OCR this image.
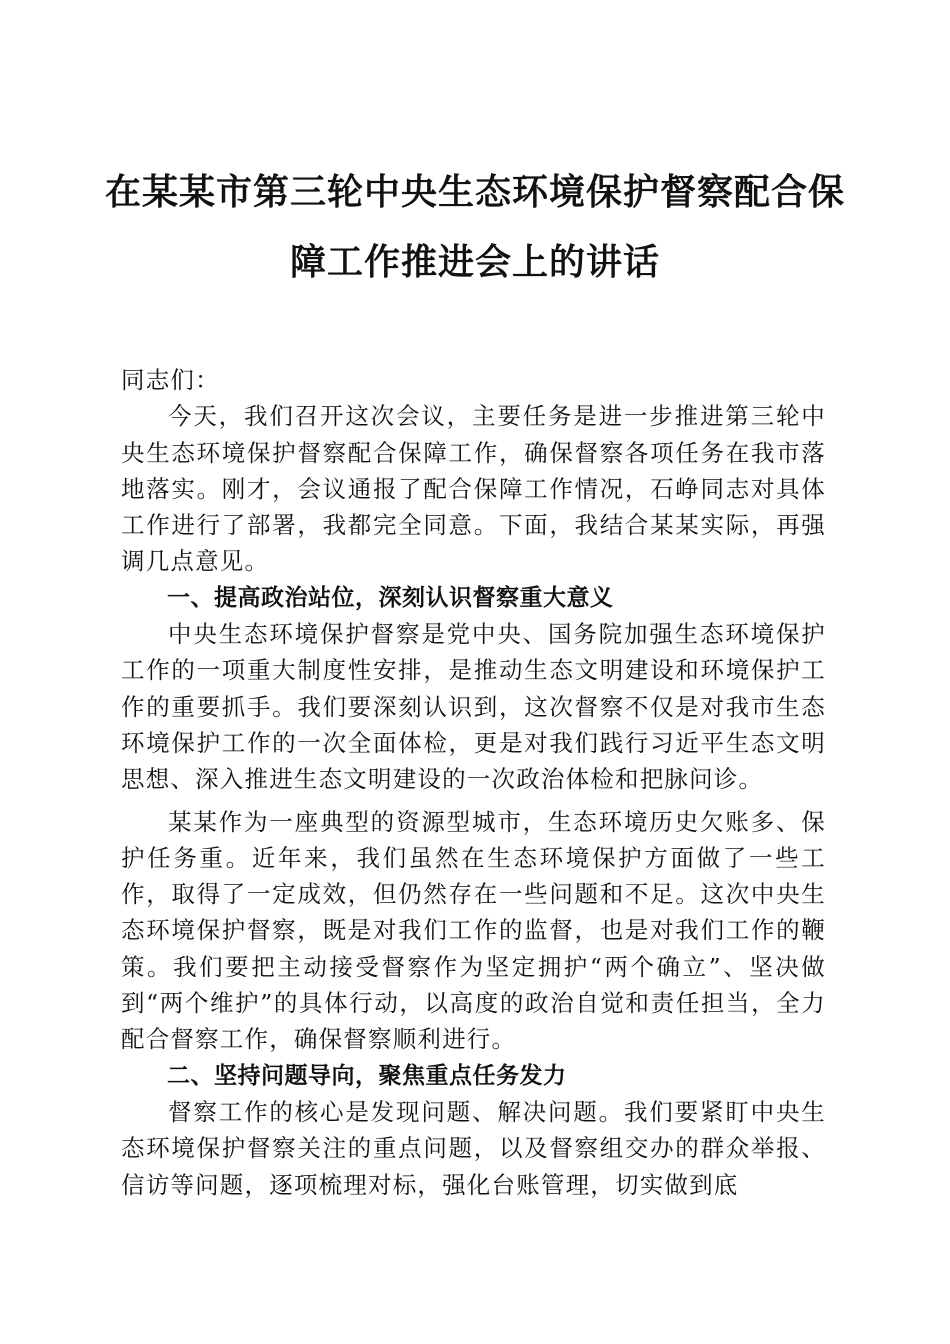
在某某市第三轮中央生态环境保护督察配合保
障工作推进会上的讲话

同志们：

今天，我们召开这次会议，主要任务是进一步推进第三轮中央生态环境保护督察配合保障工作，确保督察各项任务在我市落地落实。刚才，会议通报了配合保障工作情况，石峥同志对具体工作进行了部署，我都完全同意。下面，我结合某某实际，再强调几点意见。

一、提高政治站位，深刻认识督察重大意义

中央生态环境保护督察是党中央、国务院加强生态环境保护工作的一项重大制度性安排，是推动生态文明建设和环境保护工作的重要抓手。我们要深刻认识到，这次督察不仅是对我市生态环境保护工作的一次全面体检，更是对我们践行习近平生态文明思想、深入推进生态文明建设的一次政治体检和把脉问诊。

某某作为一座典型的资源型城市，生态环境历史欠账多、保护任务重。近年来，我们虽然在生态环境保护方面做了一些工作，取得了一定成效，但仍然存在一些问题和不足。这次中央生态环境保护督察，既是对我们工作的监督，也是对我们工作的鞭策。我们要把主动接受督察作为坚定拥护“两个确立”、坚决做到“两个维护”的具体行动，以高度的政治自觉和责任担当，全力配合督察工作，确保督察顺利进行。

二、坚持问题导向，聚焦重点任务发力

督察工作的核心是发现问题、解决问题。我们要紧盯中央生态环境保护督察关注的重点问题，以及督察组交办的群众举报、信访等问题，逐项梳理对标，强化台账管理，切实做到底
